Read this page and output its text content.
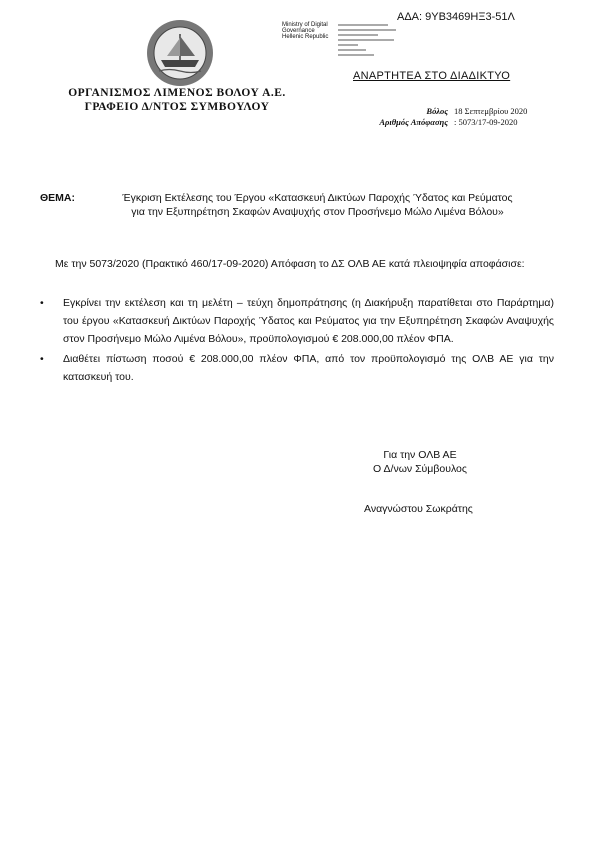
ΑΔΑ: 9ΥΒ3469ΗΞ3-51Λ
Ministry of Digital
Governance
Hellenic Republic
ΑΝΑΡΤΗΤΕΑ ΣΤΟ ΔΙΑΔΙΚΤΥΟ
ΟΡΓΑΝΙΣΜΟΣ ΛΙΜΕΝΟΣ ΒΟΛΟΥ Α.Ε.
ΓΡΑΦΕΙΟ Δ/ΝΤΟΣ ΣΥΜΒΟΥΛΟΥ	Βόλος 18 Σεπτεμβρίου 2020
Αριθμός Απόφασης : 5073/17-09-2020
ΘΕΜΑ:	Έγκριση Εκτέλεσης του Έργου «Κατασκευή Δικτύων Παροχής Ύδατος και Ρεύματος
για την Εξυπηρέτηση Σκαφών Αναψυχής στον Προσήνεμο Μώλο Λιμένα Βόλου»
Με την 5073/2020 (Πρακτικό 460/17-09-2020) Απόφαση το ΔΣ ΟΛΒ ΑΕ κατά πλειοψηφία αποφάσισε:
• Εγκρίνει την εκτέλεση και τη μελέτη – τεύχη δημοπράτησης (η Διακήρυξη παρατίθεται στο Παράρτημα) του έργου «Κατασκευή Δικτύων Παροχής Ύδατος και Ρεύματος για την Εξυπηρέτηση Σκαφών Αναψυχής στον Προσήνεμο Μώλο Λιμένα Βόλου», προϋπολογισμού € 208.000,00 πλέον ΦΠΑ.
• Διαθέτει πίστωση ποσού € 208.000,00 πλέον ΦΠΑ, από τον προϋπολογισμό της ΟΛΒ ΑΕ για την κατασκευή του.
Για την ΟΛΒ ΑΕ
Ο Δ/νων Σύμβουλος
Αναγνώστου Σωκράτης
